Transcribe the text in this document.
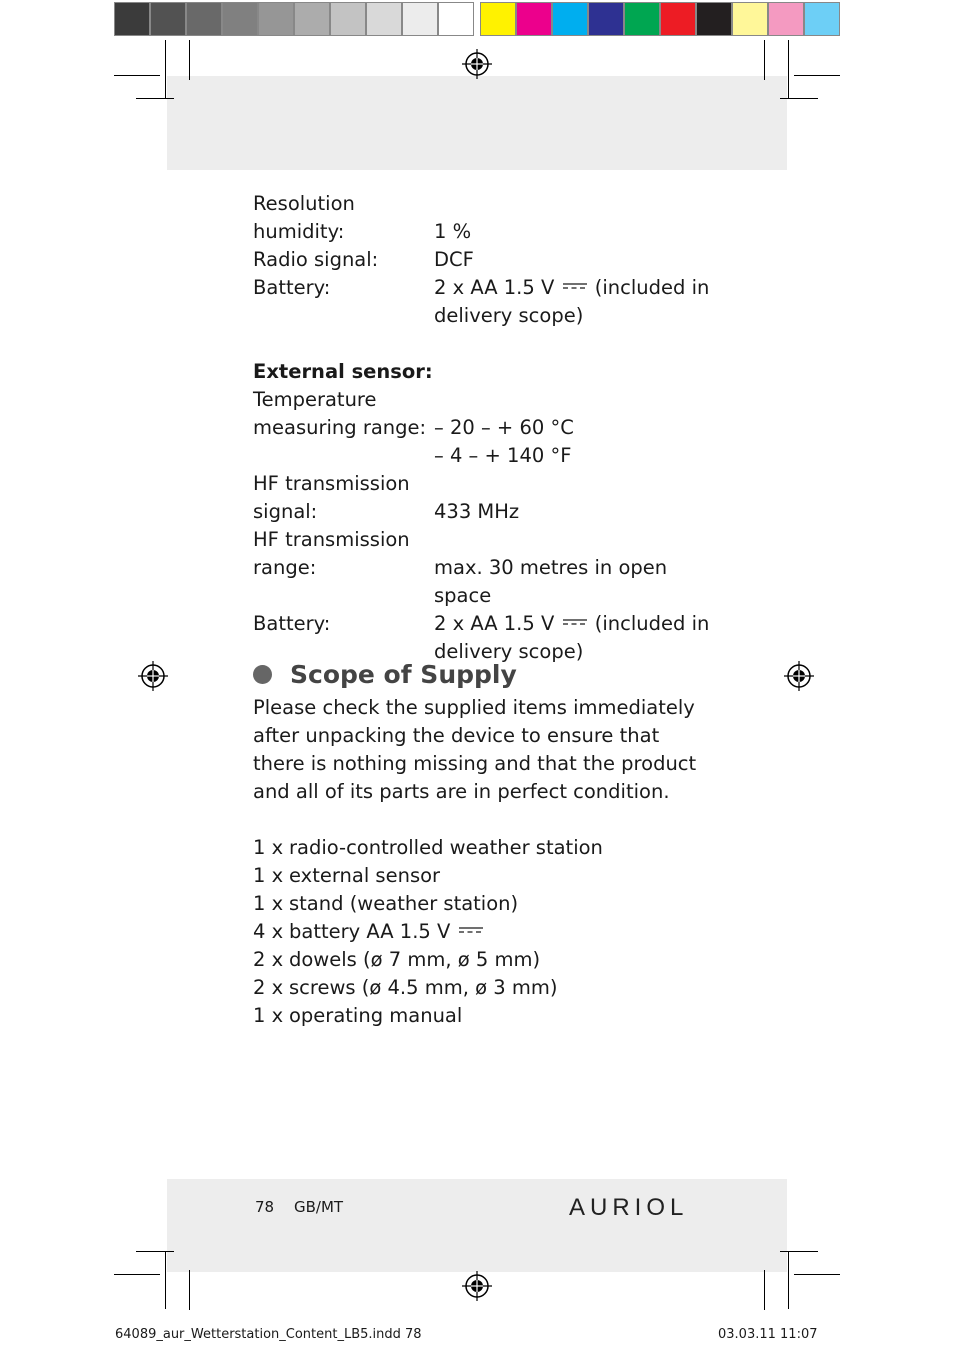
Resolution
humidity:	1 %
Radio signal:	DCF
Battery:	2 x AA 1.5 V (included in
delivery scope)
External sensor:
Temperature
measuring range: – 20 – + 60 °C
– 4 – + 140 °F
HF transmission
signal:	433 MHz
HF transmission
range:	max. 30 metres in open space
Battery:	2 x AA 1.5 V (included in
delivery scope)
Scope of Supply
Please check the supplied items immediately after unpacking the device to ensure that there is nothing missing and that the product and all of its parts are in perfect condition.
1 x radio-controlled weather station
1 x external sensor
1 x stand (weather station)
4 x battery AA 1.5 V
2 x dowels (ø 7 mm, ø 5 mm)
2 x screws (ø 4.5 mm, ø 3 mm)
1 x operating manual
78 GB/MT	AURIOL
64089_aur_Wetterstation_Content_LB5.indd 78	03.03.11 11:07
